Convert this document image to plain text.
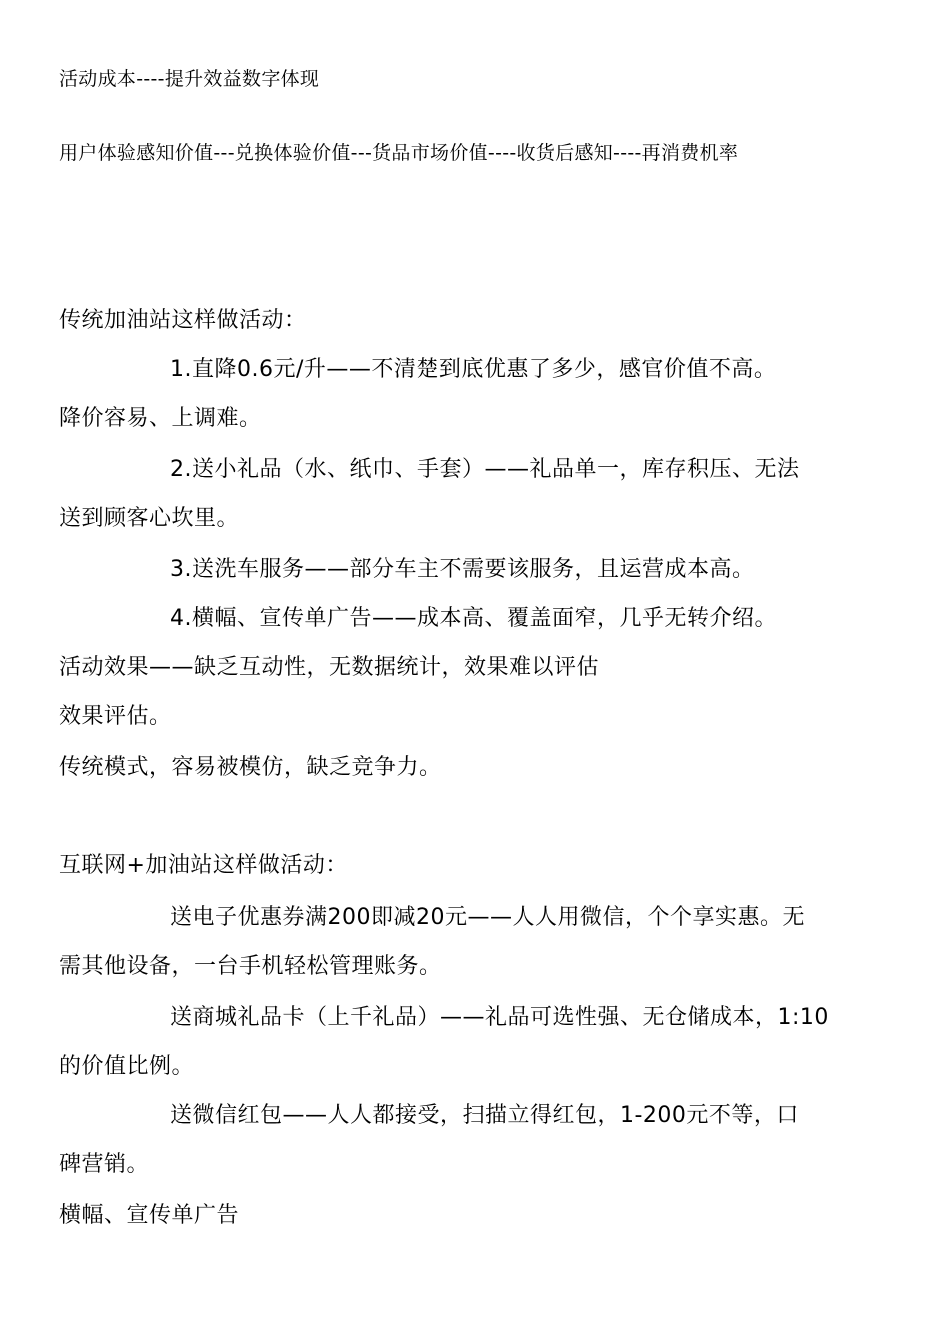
活动成本----提升效益数字体现
用户体验感知价值---兑换体验价值---货品市场价值----收货后感知----再消费机率
传统加油站这样做活动：
1.直降0.6元/升——不清楚到底优惠了多少，感官价值不高。
降价容易、上调难。
2.送小礼品（水、纸巾、手套）——礼品单一，库存积压、无法
送到顾客心坎里。
3.送洗车服务——部分车主不需要该服务，且运营成本高。
4.横幅、宣传单广告——成本高、覆盖面窄，几乎无转介绍。
活动效果——缺乏互动性，无数据统计，效果难以评估
效果评估。
传统模式，容易被模仿，缺乏竞争力。
互联网+加油站这样做活动：
送电子优惠券满200即减20元——人人用微信，个个享实惠。无
需其他设备，一台手机轻松管理账务。
送商城礼品卡（上千礼品）——礼品可选性强、无仓储成本，1:10
的价值比例。
送微信红包——人人都接受，扫描立得红包，1-200元不等，口
碑营销。
横幅、宣传单广告
